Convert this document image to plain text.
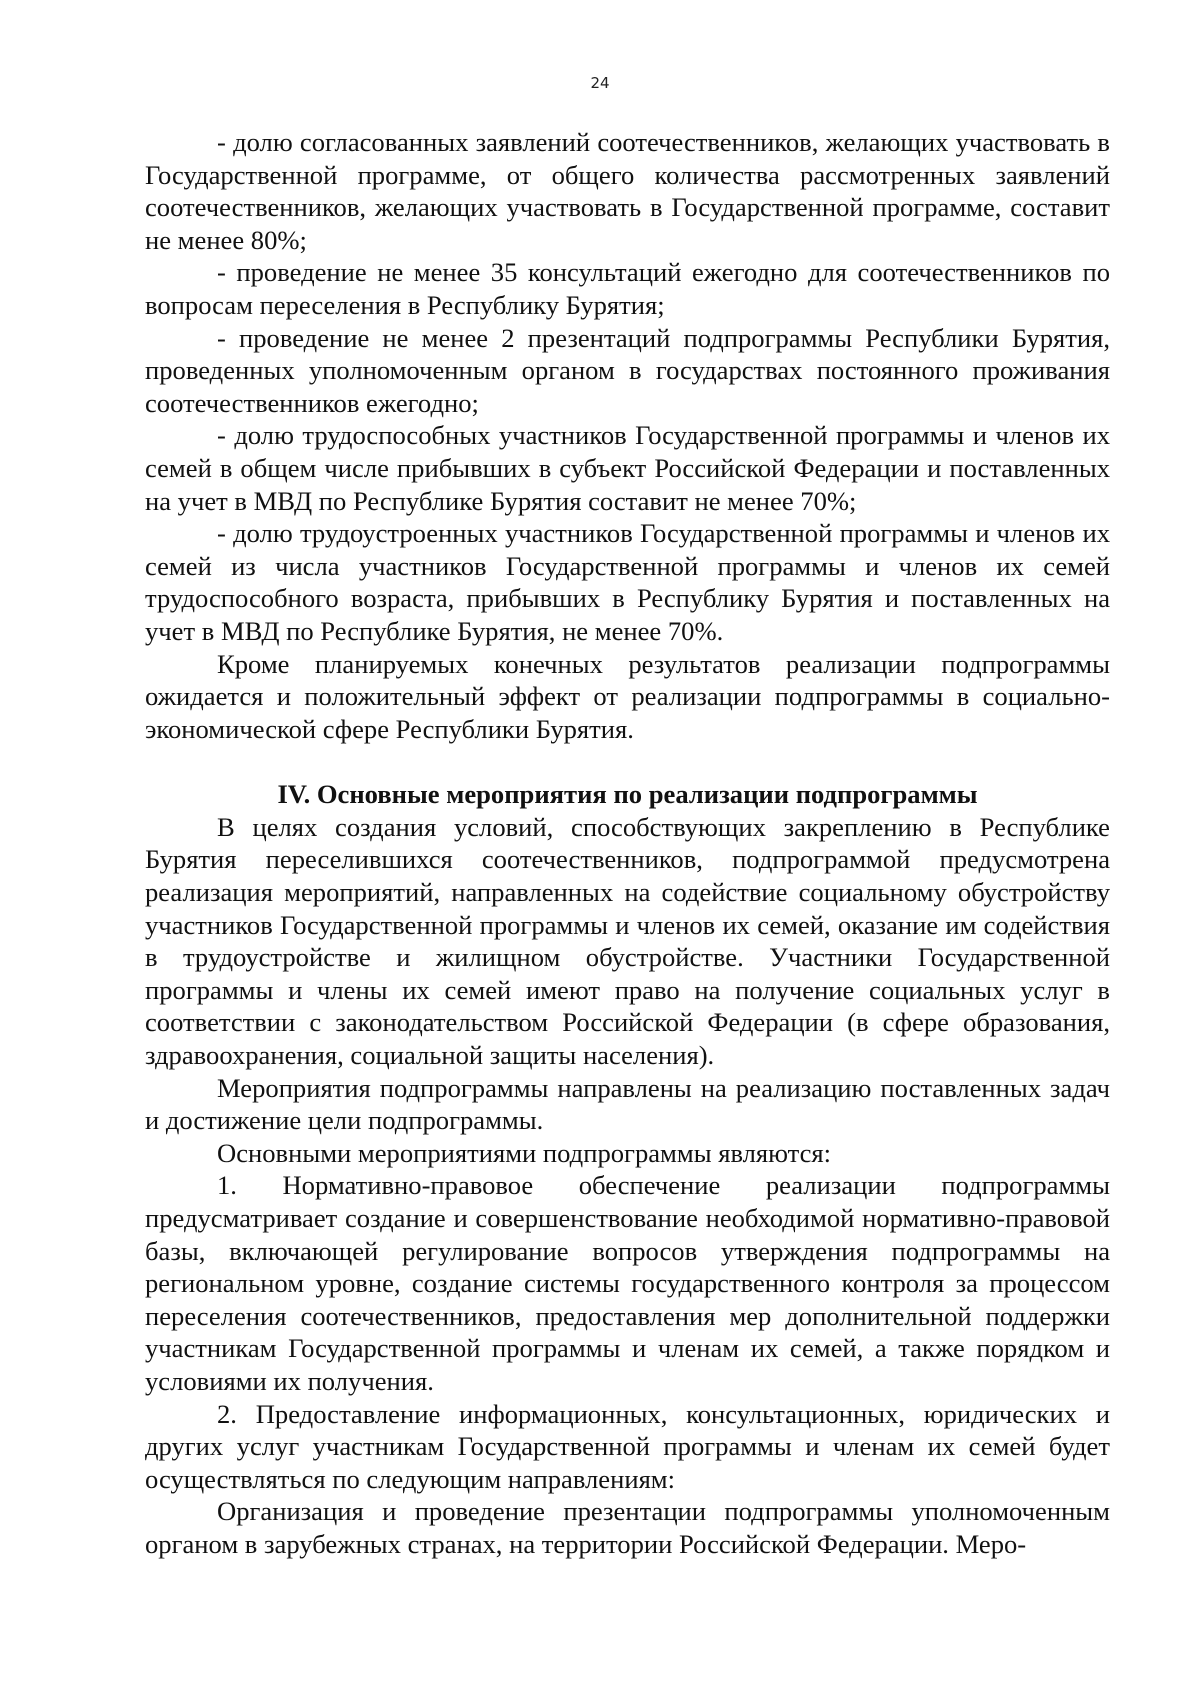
24

- долю согласованных заявлений соотечественников, желающих участвовать в Государственной программе, от общего количества рассмотренных заявлений соотечественников, желающих участвовать в Государственной программе, составит не менее 80%;

- проведение не менее 35 консультаций ежегодно для соотечественников по вопросам переселения в Республику Бурятия;

- проведение не менее 2 презентаций подпрограммы Республики Бурятия, проведенных уполномоченным органом в государствах постоянного проживания соотечественников ежегодно;

- долю трудоспособных участников Государственной программы и членов их семей в общем числе прибывших в субъект Российской Федерации и поставленных на учет в МВД по Республике Бурятия составит не менее 70%;

- долю трудоустроенных участников Государственной программы и членов их семей из числа участников Государственной программы и членов их семей трудоспособного возраста, прибывших в Республику Бурятия и поставленных на учет в МВД по Республике Бурятия, не менее 70%.

Кроме планируемых конечных результатов реализации подпрограммы ожидается и положительный эффект от реализации подпрограммы в социально-экономической сфере Республики Бурятия.

IV. Основные мероприятия по реализации подпрограммы

В целях создания условий, способствующих закреплению в Республике Бурятия переселившихся соотечественников, подпрограммой предусмотрена реализация мероприятий, направленных на содействие социальному обустройству участников Государственной программы и членов их семей, оказание им содействия в трудоустройстве и жилищном обустройстве. Участники Государственной программы и члены их семей имеют право на получение социальных услуг в соответствии с законодательством Российской Федерации (в сфере образования, здравоохранения, социальной защиты населения).

Мероприятия подпрограммы направлены на реализацию поставленных задач и достижение цели подпрограммы.

Основными мероприятиями подпрограммы являются:

1. Нормативно-правовое обеспечение реализации подпрограммы предусматривает создание и совершенствование необходимой нормативно-правовой базы, включающей регулирование вопросов утверждения подпрограммы на региональном уровне, создание системы государственного контроля за процессом переселения соотечественников, предоставления мер дополнительной поддержки участникам Государственной программы и членам их семей, а также порядком и условиями их получения.

2. Предоставление информационных, консультационных, юридических и других услуг участникам Государственной программы и членам их семей будет осуществляться по следующим направлениям:

Организация и проведение презентации подпрограммы уполномоченным органом в зарубежных странах, на территории Российской Федерации. Меро-
